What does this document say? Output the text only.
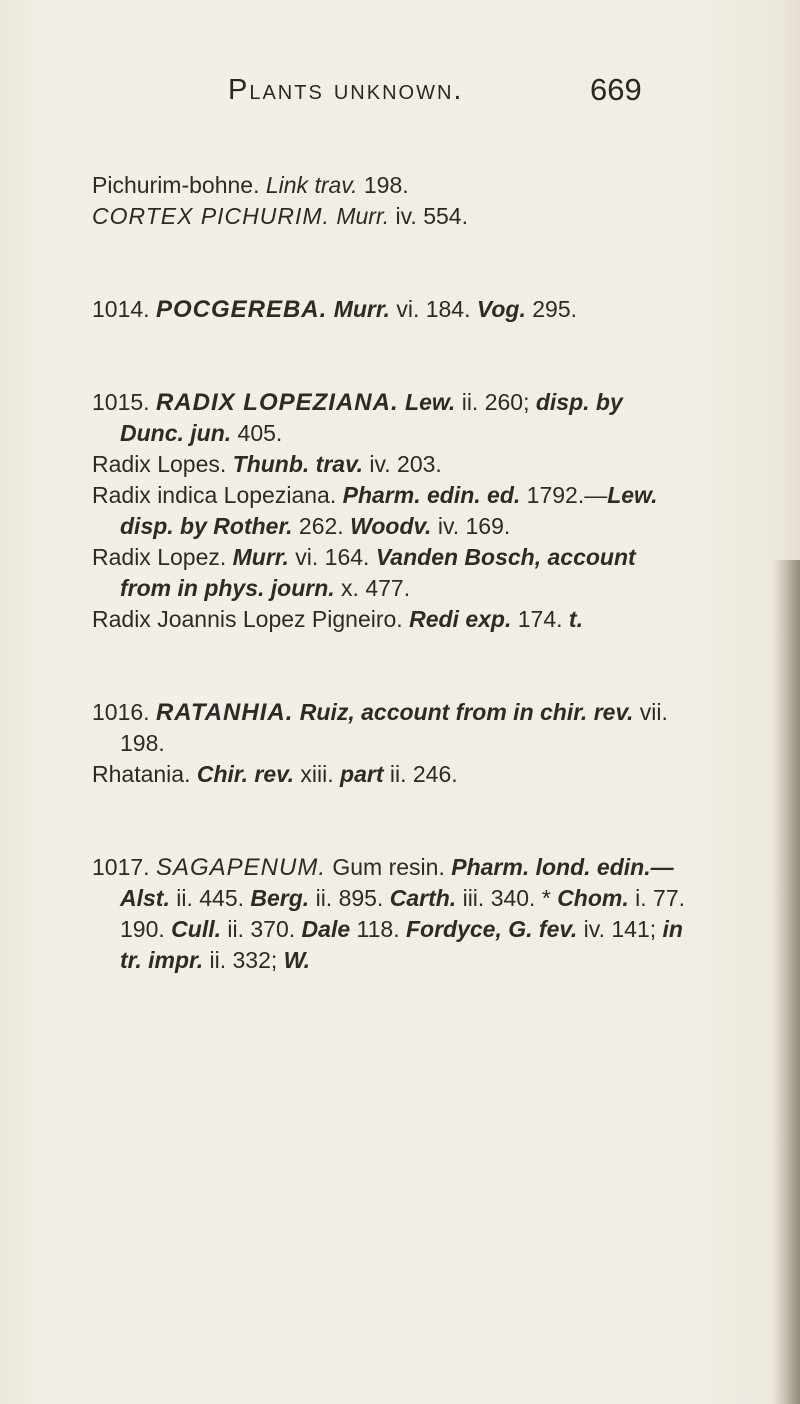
Plants unknown.	669

Pichurim-bohne. Link trav. 198.

CORTEX PICHURIM. Murr. iv. 554.

1014. POCGEREBA. Murr. vi. 184. Vog. 295.

1015. RADIX LOPEZIANA. Lew. ii. 260; disp. by Dunc. jun. 405.

Radix Lopes. Thunb. trav. iv. 203.

Radix indica Lopeziana. Pharm. edin. ed. 1792.—Lew. disp. by Rother. 262. Woodv. iv. 169.

Radix Lopez. Murr. vi. 164. Vanden Bosch, account from in phys. journ. x. 477.

Radix Joannis Lopez Pigneiro. Redi exp. 174. t.

1016. RATANHIA. Ruiz, account from in chir. rev. vii. 198.

Rhatania. Chir. rev. xiii. part ii. 246.

1017. SAGAPENUM. Gum resin. Pharm. lond. edin.—Alst. ii. 445. Berg. ii. 895. Carth. iii. 340. * Chom. i. 77. 190. Cull. ii. 370. Dale 118. Fordyce, G. fev. iv. 141; in tr. impr. ii. 332; W.
